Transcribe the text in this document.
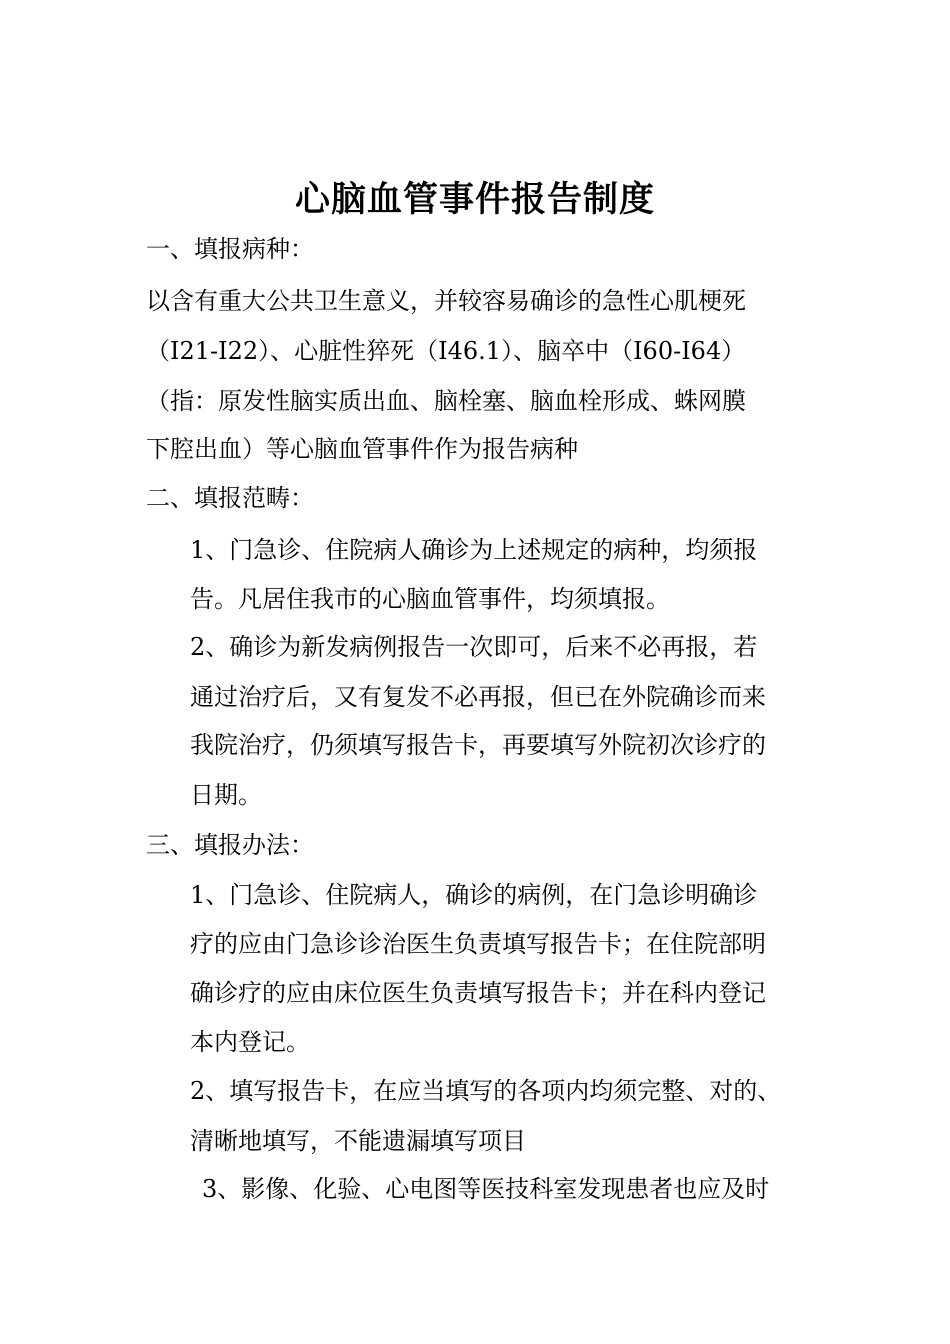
心脑血管事件报告制度
一、填报病种：
以含有重大公共卫生意义，并较容易确诊的急性心肌梗死
（I21-I22）、心脏性猝死（I46.1）、脑卒中（I60-I64）
（指：原发性脑实质出血、脑栓塞、脑血栓形成、蛛网膜
下腔出血）等心脑血管事件作为报告病种
二、填报范畴：
1、门急诊、住院病人确诊为上述规定的病种，均须报
告。凡居住我市的心脑血管事件，均须填报。
2、确诊为新发病例报告一次即可，后来不必再报，若
通过治疗后，又有复发不必再报，但已在外院确诊而来
我院治疗，仍须填写报告卡，再要填写外院初次诊疗的
日期。
三、填报办法：
1、门急诊、住院病人，确诊的病例，在门急诊明确诊
疗的应由门急诊诊治医生负责填写报告卡；在住院部明
确诊疗的应由床位医生负责填写报告卡；并在科内登记
本内登记。
2、填写报告卡，在应当填写的各项内均须完整、对的、
清晰地填写，不能遗漏填写项目
3、影像、化验、心电图等医技科室发现患者也应及时
